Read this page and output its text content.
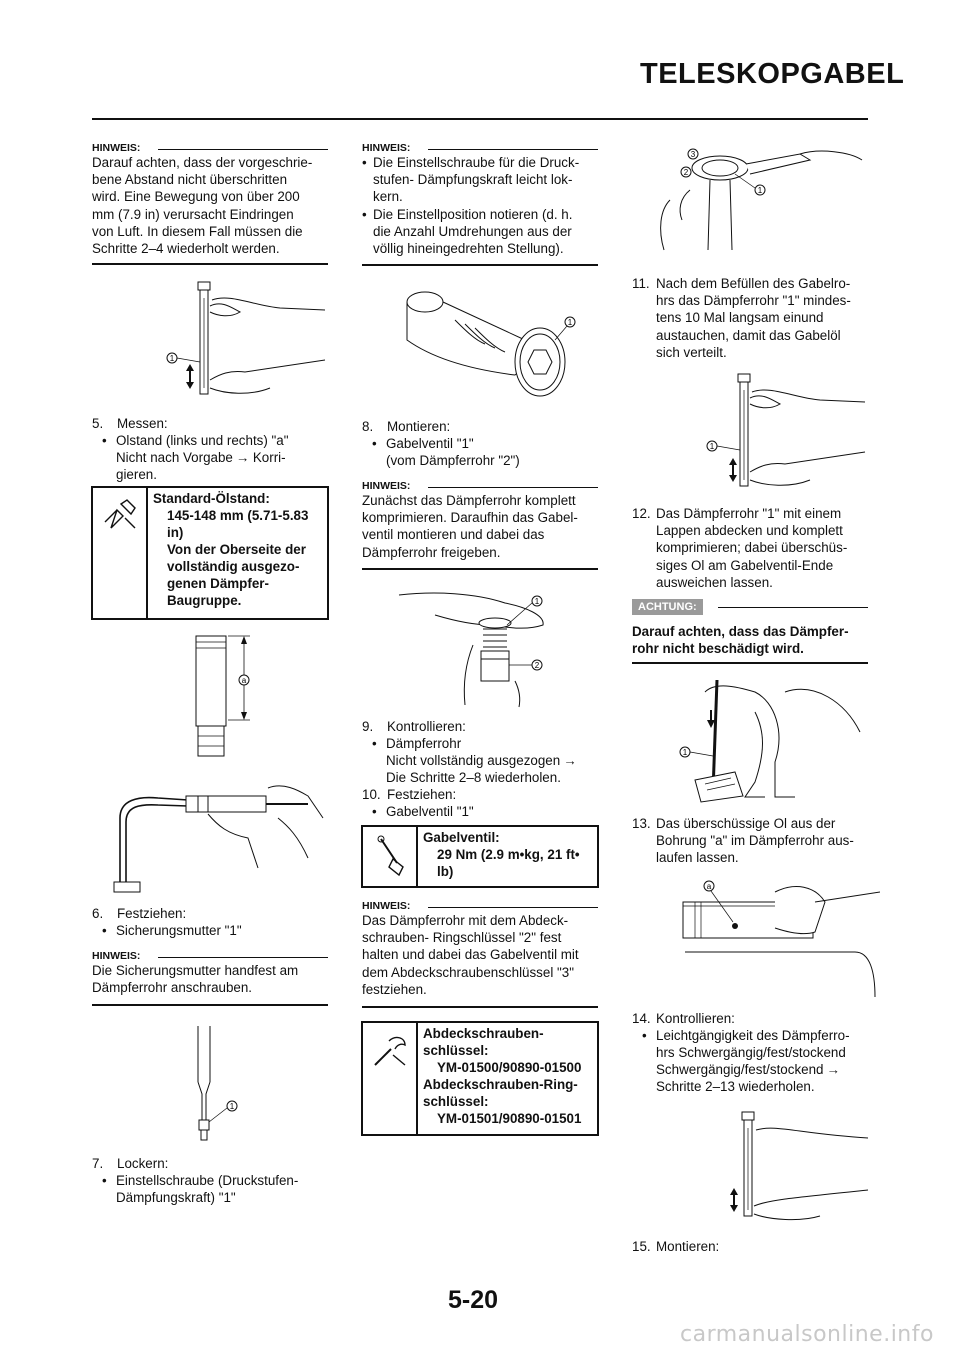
TELESKOPGABEL
HINWEIS:
Darauf achten, dass der vorgeschrie-
bene Abstand nicht überschritten
wird. Eine Bewegung von über 200
mm (7.9 in) verursacht Eindringen
von Luft. In diesem Fall müssen die
Schritte 2–4 wiederholt werden.
1
5. Messen:
• Olstand (links und rechts) "a"
Nicht nach Vorgabe → Korri-
gieren.
Standard-Ölstand:
145-148 mm (5.71-5.83
in)
Von der Oberseite der
vollständig ausgezo-
genen Dämpfer-
Baugruppe.
a
6. Festziehen:
• Sicherungsmutter "1"
HINWEIS:
Die Sicherungsmutter handfest am
Dämpferrohr anschrauben.
1
7. Lockern:
• Einstellschraube (Druckstufen-
Dämpfungskraft) "1"
HINWEIS:
• Die Einstellschraube für die Druck-
stufen- Dämpfungskraft leicht lok-
kern.
• Die Einstellposition notieren (d. h.
die Anzahl Umdrehungen aus der
völlig hineingedrehten Stellung).
1
8. Montieren:
• Gabelventil "1"
(vom Dämpferrohr "2")
HINWEIS:
Zunächst das Dämpferrohr komplett
komprimieren. Daraufhin das Gabel-
ventil montieren und dabei das
Dämpferrohr freigeben.
1
2
9. Kontrollieren:
• Dämpferrohr
Nicht vollständig ausgezogen →
Die Schritte 2–8 wiederholen.
10. Festziehen:
• Gabelventil "1"
Gabelventil:
29 Nm (2.9 m•kg, 21 ft•
lb)
HINWEIS:
Das Dämpferrohr mit dem Abdeck-
schrauben- Ringschlüssel "2" fest
halten und dabei das Gabelventil mit
dem Abdeckschraubenschlüssel "3"
festziehen.
Abdeckschrauben-
schlüssel:
YM-01500/90890-01500
Abdeckschrauben-Ring-
schlüssel:
YM-01501/90890-01501
3
2
1
11. Nach dem Befüllen des Gabelro-
hrs das Dämpferrohr "1" mindes-
tens 10 Mal langsam einund
austauchen, damit das Gabelöl
sich verteilt.
1
12. Das Dämpferrohr "1" mit einem
Lappen abdecken und komplett
komprimieren; dabei überschüs-
siges Ol am Gabelventil-Ende
ausweichen lassen.
ACHTUNG:
Darauf achten, dass das Dämpfer-
rohr nicht beschädigt wird.
1
13. Das überschüssige Ol aus der
Bohrung "a" im Dämpferrohr aus-
laufen lassen.
a
14. Kontrollieren:
• Leichtgängigkeit des Dämpferro-
hrs Schwergängig/fest/stockend
Schwergängig/fest/stockend →
Schritte 2–13 wiederholen.
15. Montieren:
5-20
carmanualsonline.info
